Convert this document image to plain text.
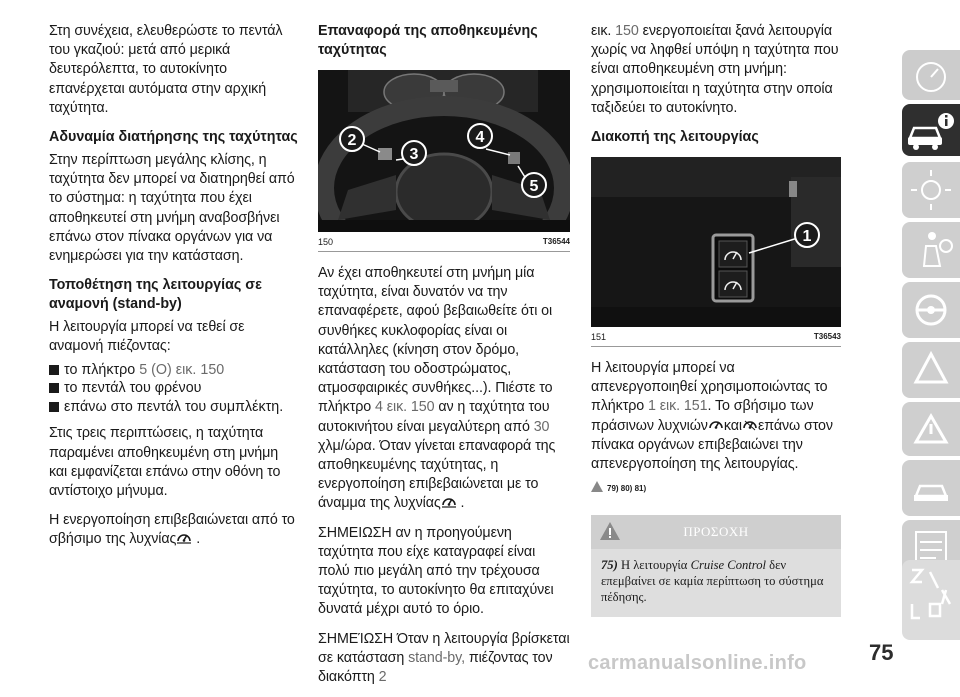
Στη συνέχεια, ελευθερώστε το πεντάλ του γκαζιού: μετά από μερικά δευτερόλεπτα, το αυτοκίνητο επανέρχεται αυτόματα στην αρχική ταχύτητα.

Αδυναμία διατήρησης της ταχύτητας

Στην περίπτωση μεγάλης κλίσης, η ταχύτητα δεν μπορεί να διατηρηθεί από το σύστημα: η ταχύτητα που έχει αποθηκευτεί στη μνήμη αναβοσβήνει επάνω στον πίνακα οργάνων για να ενημερώσει για την κατάσταση.

Τοποθέτηση της λειτουργίας σε αναμονή (stand-by)

Η λειτουργία μπορεί να τεθεί σε αναμονή πιέζοντας:

το πλήκτρο 5 (O) εικ. 150
το πεντάλ του φρένου
επάνω στο πεντάλ του συμπλέκτη.

Στις τρεις περιπτώσεις, η ταχύτητα παραμένει αποθηκευμένη στη μνήμη και εμφανίζεται επάνω στην οθόνη το αντίστοιχο μήνυμα.

Η ενεργοποίηση επιβεβαιώνεται από το σβήσιμο της λυχνίας .

Επαναφορά της αποθηκευμένης ταχύτητας
2
3
4
5
150	T36544

Αν έχει αποθηκευτεί στη μνήμη μία ταχύτητα, είναι δυνατόν να την επαναφέρετε, αφού βεβαιωθείτε ότι οι συνθήκες κυκλοφορίας είναι οι κατάλληλες (κίνηση στον δρόμο, κατάσταση του οδοστρώματος, ατμοσφαιρικές συνθήκες...). Πιέστε το πλήκτρο 4 εικ. 150 αν η ταχύτητα του αυτοκινήτου είναι μεγαλύτερη από 30 χλμ/ώρα. Όταν γίνεται επαναφορά της αποθηκευμένης ταχύτητας, η ενεργοποίηση επιβεβαιώνεται με το άναμμα της λυχνίας .

ΣΗΜΕΙΩΣΗ αν η προηγούμενη ταχύτητα που είχε καταγραφεί είναι πολύ πιο μεγάλη από την τρέχουσα ταχύτητα, το αυτοκίνητο θα επιταχύνει δυνατά μέχρι αυτό το όριο.

ΣΗΜΕΊΩΣΗ Όταν η λειτουργία βρίσκεται σε κατάσταση stand-by, πιέζοντας τον διακόπτη 2

εικ. 150 ενεργοποιείται ξανά λειτουργία χωρίς να ληφθεί υπόψη η ταχύτητα που είναι αποθηκευμένη στη μνήμη: χρησιμοποιείται η ταχύτητα στην οποία ταξιδεύει το αυτοκίνητο.

Διακοπή της λειτουργίας
1
151	T36543

Η λειτουργία μπορεί να απενεργοποιηθεί χρησιμοποιώντας το πλήκτρο 1 εικ. 151. Το σβήσιμο των πράσινων λυχνιών και επάνω στον πίνακα οργάνων επιβεβαιώνει την απενεργοποίηση της λειτουργίας.

79) 80) 81)
ΠΡΟΣΟΧΗ
75) Η λειτουργία Cruise Control δεν επεμβαίνει σε καμία περίπτωση το σύστημα πέδησης.
75
carmanualsonline.info
